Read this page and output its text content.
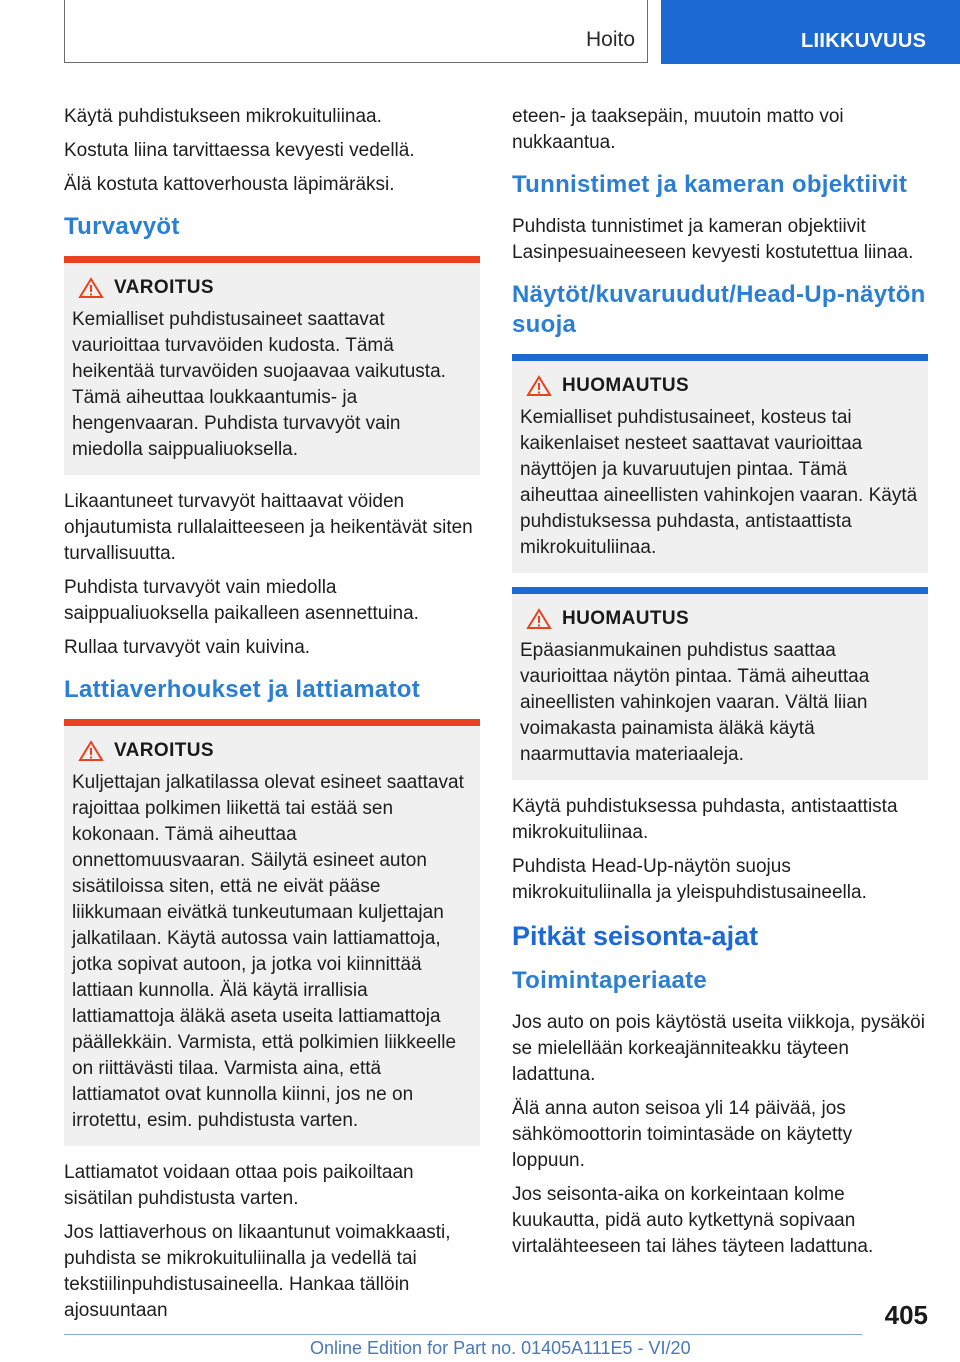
Hoito	LIIKKUVUUS

Käytä puhdistukseen mikrokuituliinaa.

Kostuta liina tarvittaessa kevyesti vedellä.

Älä kostuta kattoverhousta läpimäräksi.

Turvavyöt
VAROITUS

Kemialliset puhdistusaineet saattavat vaurioittaa turvavöiden kudosta. Tämä heikentää turvavöiden suojaavaa vaikutusta. Tämä aiheuttaa loukkaantumis- ja hengenvaaran. Puhdista turvavyöt vain miedolla saippualiuoksella.

Likaantuneet turvavyöt haittaavat vöiden ohjautumista rullalaitteeseen ja heikentävät siten turvallisuutta.

Puhdista turvavyöt vain miedolla saippualiuoksella paikalleen asennettuina.

Rullaa turvavyöt vain kuivina.

Lattiaverhoukset ja lattiamatot
VAROITUS

Kuljettajan jalkatilassa olevat esineet saattavat rajoittaa polkimen liikettä tai estää sen kokonaan. Tämä aiheuttaa onnettomuusvaaran. Säilytä esineet auton sisätiloissa siten, että ne eivät pääse liikkumaan eivätkä tunkeutumaan kuljettajan jalkatilaan. Käytä autossa vain lattiamattoja, jotka sopivat autoon, ja jotka voi kiinnittää lattiaan kunnolla. Älä käytä irrallisia lattiamattoja äläkä aseta useita lattiamattoja päällekkäin. Varmista, että polkimien liikkeelle on riittävästi tilaa. Varmista aina, että lattiamatot ovat kunnolla kiinni, jos ne on irrotettu, esim. puhdistusta varten.

Lattiamatot voidaan ottaa pois paikoiltaan sisätilan puhdistusta varten.

Jos lattiaverhous on likaantunut voimakkaasti, puhdista se mikrokuituliinalla ja vedellä tai tekstiilinpuhdistusaineella. Hankaa tällöin ajosuuntaan

eteen- ja taaksepäin, muutoin matto voi nukkaantua.

Tunnistimet ja kameran objektiivit

Puhdista tunnistimet ja kameran objektiivit Lasinpesuaineeseen kevyesti kostutettua liinaa.

Näytöt/kuvaruudut/Head-Up-näytön suoja
HUOMAUTUS

Kemialliset puhdistusaineet, kosteus tai kaikenlaiset nesteet saattavat vaurioittaa näyttöjen ja kuvaruutujen pintaa. Tämä aiheuttaa aineellisten vahinkojen vaaran. Käytä puhdistuksessa puhdasta, antistaattista mikrokuituliinaa.

HUOMAUTUS

Epäasianmukainen puhdistus saattaa vaurioittaa näytön pintaa. Tämä aiheuttaa aineellisten vahinkojen vaaran. Vältä liian voimakasta painamista äläkä käytä naarmuttavia materiaaleja.

Käytä puhdistuksessa puhdasta, antistaattista mikrokuituliinaa.

Puhdista Head-Up-näytön suojus mikrokuituliinalla ja yleispuhdistusaineella.

Pitkät seisonta-ajat
Toimintaperiaate

Jos auto on pois käytöstä useita viikkoja, pysäköi se mielellään korkeajänniteakku täyteen ladattuna.

Älä anna auton seisoa yli 14 päivää, jos sähkömoottorin toimintasäde on käytetty loppuun.

Jos seisonta-aika on korkeintaan kolme kuukautta, pidä auto kytkettynä sopivaan virtalähteeseen tai lähes täyteen ladattuna.

405
Online Edition for Part no. 01405A111E5 - VI/20
